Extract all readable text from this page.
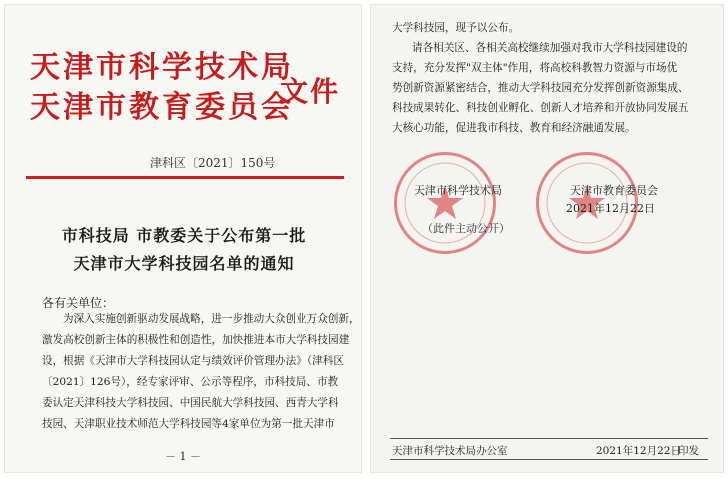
天津市科学技术局
天津市教育委员会
文件
津科区〔2021〕150号
市科技局 市教委关于公布第一批
天津市大学科技园名单的通知
各有关单位：
为深入实施创新驱动发展战略，进一步推动大众创业万众创新，
激发高校创新主体的积极性和创造性，加快推进本市大学科技园建
设，根据《天津市大学科技园认定与绩效评价管理办法》（津科区
〔2021〕126号），经专家评审、公示等程序，市科技局、市教
委认定天津科技大学科技园、中国民航大学科技园、西青大学科
技园、天津职业技术师范大学科技园等4家单位为第一批天津市
－ 1 －
大学科技园，现予以公布。
请各相关区、各相关高校继续加强对我市大学科技园建设的
支持，充分发挥"双主体"作用，将高校科教智力资源与市场优
势创新资源紧密结合，推动大学科技园充分发挥创新资源集成、
科技成果转化、科技创业孵化、创新人才培养和开放协同发展五
大核心功能，促进我市科技、教育和经济融通发展。
天津市科学技术局	天津市教育委员会
2021年12月22日
（此件主动公开）
天津市科学技术局办公室	2021年12月22日
印发
